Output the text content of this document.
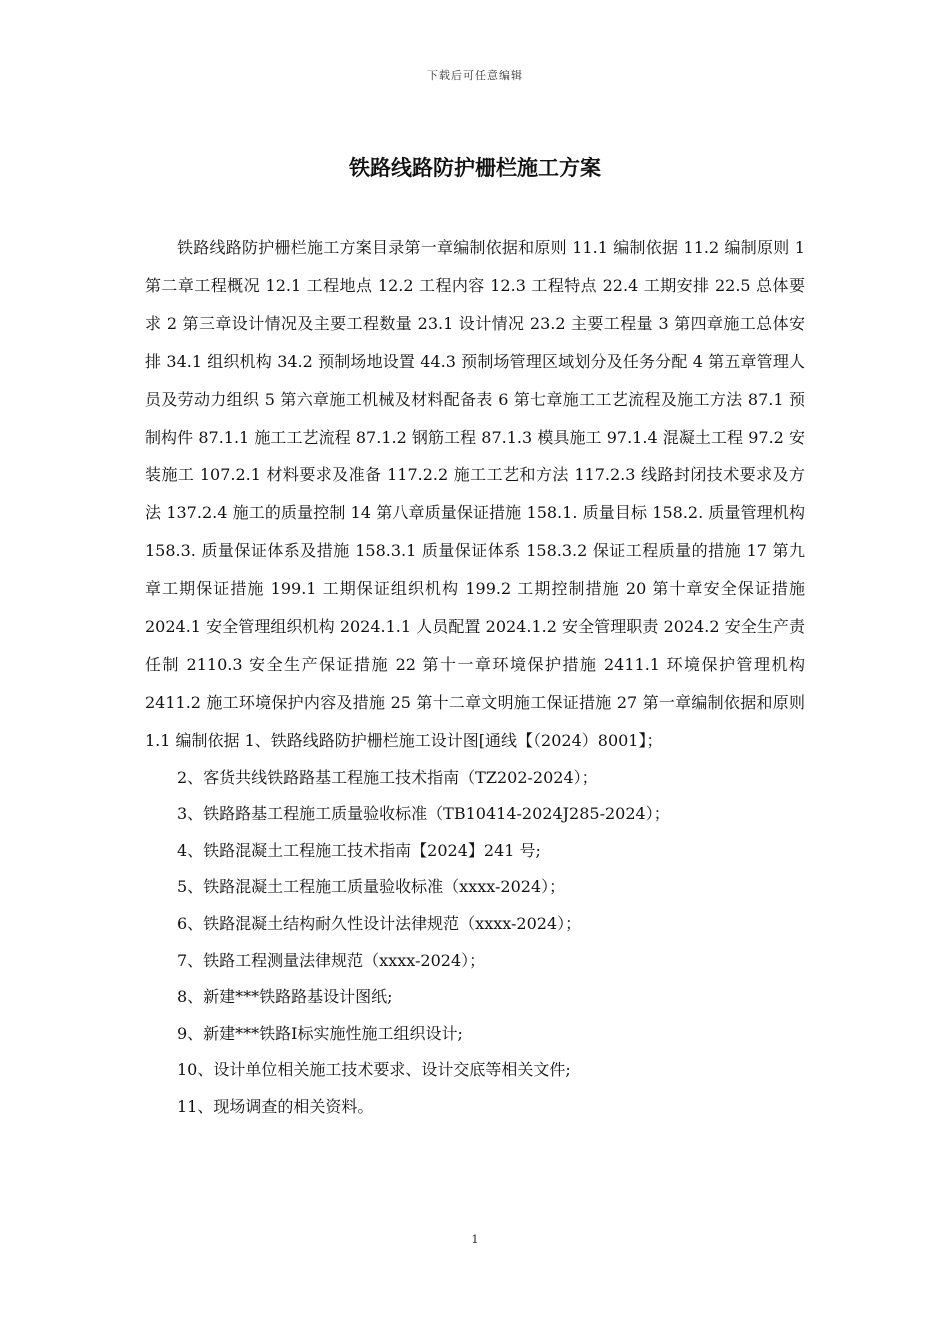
下载后可任意编辑
铁路线路防护栅栏施工方案

铁路线路防护栅栏施工方案目录第一章编制依据和原则 11.1 编制依据 11.2 编制原则 1 第二章工程概况 12.1 工程地点 12.2 工程内容 12.3 工程特点 22.4 工期安排 22.5 总体要求 2 第三章设计情况及主要工程数量 23.1 设计情况 23.2 主要工程量 3 第四章施工总体安排 34.1 组织机构 34.2 预制场地设置 44.3 预制场管理区域划分及任务分配 4 第五章管理人员及劳动力组织 5 第六章施工机械及材料配备表 6 第七章施工工艺流程及施工方法 87.1 预制构件 87.1.1 施工工艺流程 87.1.2 钢筋工程 87.1.3 模具施工 97.1.4 混凝土工程 97.2 安装施工 107.2.1 材料要求及准备 117.2.2 施工工艺和方法 117.2.3 线路封闭技术要求及方法 137.2.4 施工的质量控制 14 第八章质量保证措施 158.1. 质量目标 158.2. 质量管理机构 158.3. 质量保证体系及措施 158.3.1 质量保证体系 158.3.2 保证工程质量的措施 17 第九章工期保证措施 199.1 工期保证组织机构 199.2 工期控制措施 20 第十章安全保证措施 2024.1 安全管理组织机构 2024.1.1 人员配置 2024.1.2 安全管理职责 2024.2 安全生产责任制 2110.3 安全生产保证措施 22 第十一章环境保护措施 2411.1 环境保护管理机构 2411.2 施工环境保护内容及措施 25 第十二章文明施工保证措施 27 第一章编制依据和原则 1.1 编制依据 1、铁路线路防护栅栏施工设计图[通线【（2024）8001】；

2、客货共线铁路路基工程施工技术指南（TZ202-2024）；
3、铁路路基工程施工质量验收标准（TB10414-2024J285-2024）；
4、铁路混凝土工程施工技术指南【2024】241 号;
5、铁路混凝土工程施工质量验收标准（xxxx-2024）；
6、铁路混凝土结构耐久性设计法律规范（xxxx-2024）；
7、铁路工程测量法律规范（xxxx-2024）；
8、新建***铁路路基设计图纸;
9、新建***铁路Ⅰ标实施性施工组织设计;
10、设计单位相关施工技术要求、设计交底等相关文件;
11、现场调查的相关资料。
1
